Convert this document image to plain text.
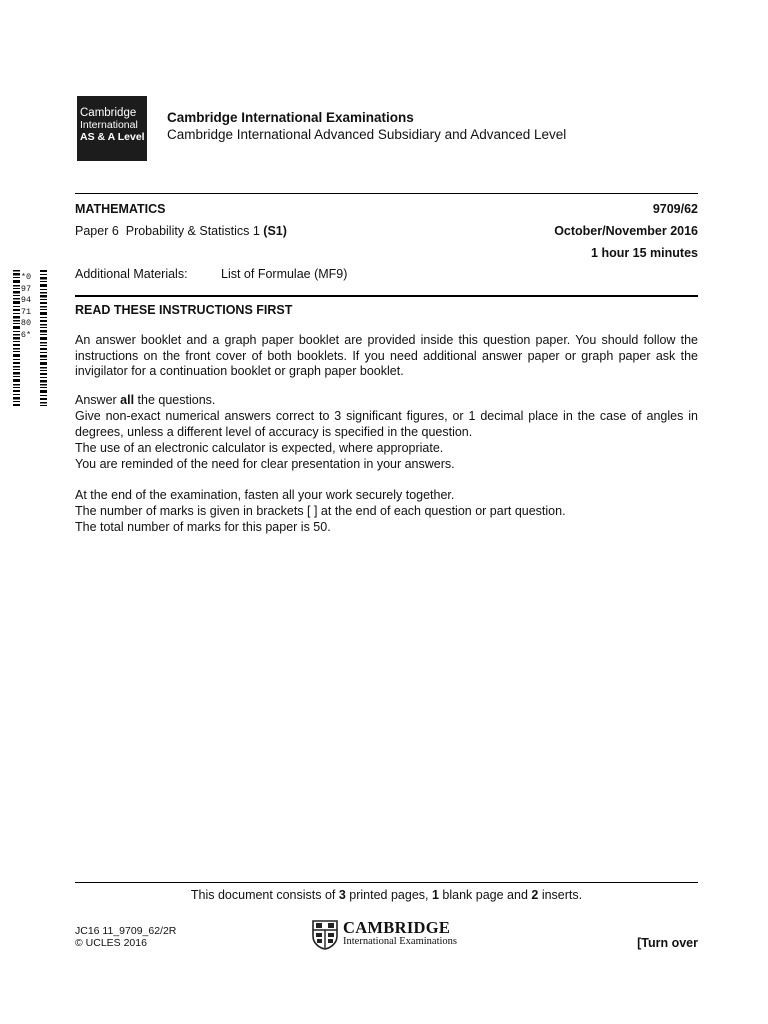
Cambridge
International
AS & A Level
Cambridge International Examinations
Cambridge International Advanced Subsidiary and Advanced Level
MATHEMATICS	9709/62
Paper 6  Probability & Statistics 1 (S1)	October/November 2016
1 hour 15 minutes
Additional Materials:	List of Formulae (MF9)
*0979471806*
READ THESE INSTRUCTIONS FIRST
An answer booklet and a graph paper booklet are provided inside this question paper. You should follow the instructions on the front cover of both booklets. If you need additional answer paper or graph paper ask the invigilator for a continuation booklet or graph paper booklet.
Answer all the questions.
Give non-exact numerical answers correct to 3 significant figures, or 1 decimal place in the case of angles in degrees, unless a different level of accuracy is specified in the question.
The use of an electronic calculator is expected, where appropriate.
You are reminded of the need for clear presentation in your answers.
At the end of the examination, fasten all your work securely together.
The number of marks is given in brackets [ ] at the end of each question or part question.
The total number of marks for this paper is 50.
This document consists of 3 printed pages, 1 blank page and 2 inserts.
JC16 11_9709_62/2R
© UCLES 2016
CAMBRIDGE
International Examinations	[Turn over
